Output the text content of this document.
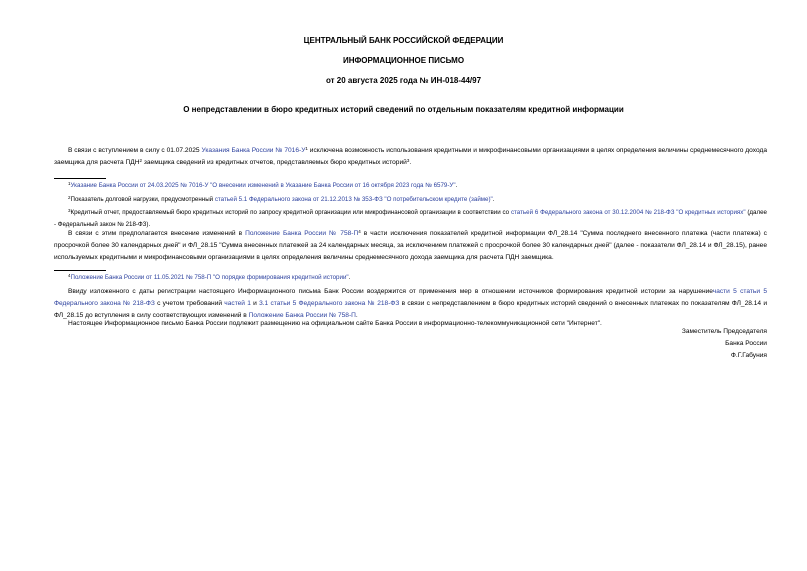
ЦЕНТРАЛЬНЫЙ БАНК РОССИЙСКОЙ ФЕДЕРАЦИИ
ИНФОРМАЦИОННОЕ ПИСЬМО
от 20 августа 2025 года № ИН-018-44/97
О непредставлении в бюро кредитных историй сведений по отдельным показателям кредитной информации

В связи с вступлением в силу с 01.07.2025 Указания Банка России № $7016-У^1$ исключена возможность использования кредитными и микрофинансовыми организациями в целях определения величины среднемесячного дохода заемщика для расчета ПДН$^2$ заемщика сведений из кредитных отчетов, представляемых бюро кредитных историй$^3$.

$^1$Указание Банка России от 24.03.2025 № 7016-У "О внесении изменений в Указание Банка России от 16 октября 2023 года № 6579-У".

$^2$Показатель долговой нагрузки, предусмотренный статьей 5.1 Федерального закона от 21.12.2013 № 353-ФЗ "О потребительском кредите (займе)".

$^3$Кредитный отчет, предоставляемый бюро кредитных историй по запросу кредитной организации или микрофинансовой организации в соответствии со статьей 6 Федерального закона от 30.12.2004 № 218-ФЗ "О кредитных историях" (далее - Федеральный закон № 218-ФЗ).

В связи с этим предполагается внесение изменений в Положение Банка России № $758-П^4$ в части исключения показателей кредитной информации ФЛ_28.14 "Сумма последнего внесенного платежа (части платежа) с просрочкой более 30 календарных дней" и ФЛ_28.15 "Сумма внесенных платежей за 24 календарных месяца, за исключением платежей с просрочкой более 30 календарных дней" (далее - показатели ФЛ_28.14 и ФЛ_28.15), ранее используемых кредитными и микрофинансовыми организациями в целях определения величины среднемесячного дохода заемщика для расчета ПДН заемщика.

$^4$Положение Банка России от 11.05.2021 № 758-П "О порядке формирования кредитной истории".

Ввиду изложенного с даты регистрации настоящего Информационного письма Банк России воздержится от применения мер в отношении источников формирования кредитной истории за нарушениечасти 5 статьи 5 Федерального закона № 218-ФЗ с учетом требований частей 1 и 3.1 статьи 5 Федерального закона № 218-ФЗ в связи с непредставлением в бюро кредитных историй сведений о внесенных платежах по показателям ФЛ_28.14 и ФЛ_28.15 до вступления в силу соответствующих изменений в Положение Банка России № 758-П.

Настоящее Информационное письмо Банка России подлежит размещению на официальном сайте Банка России в информационно-телекоммуникационной сети "Интернет".

Заместитель Председателя
Банка России
Ф.Г.Габуния
